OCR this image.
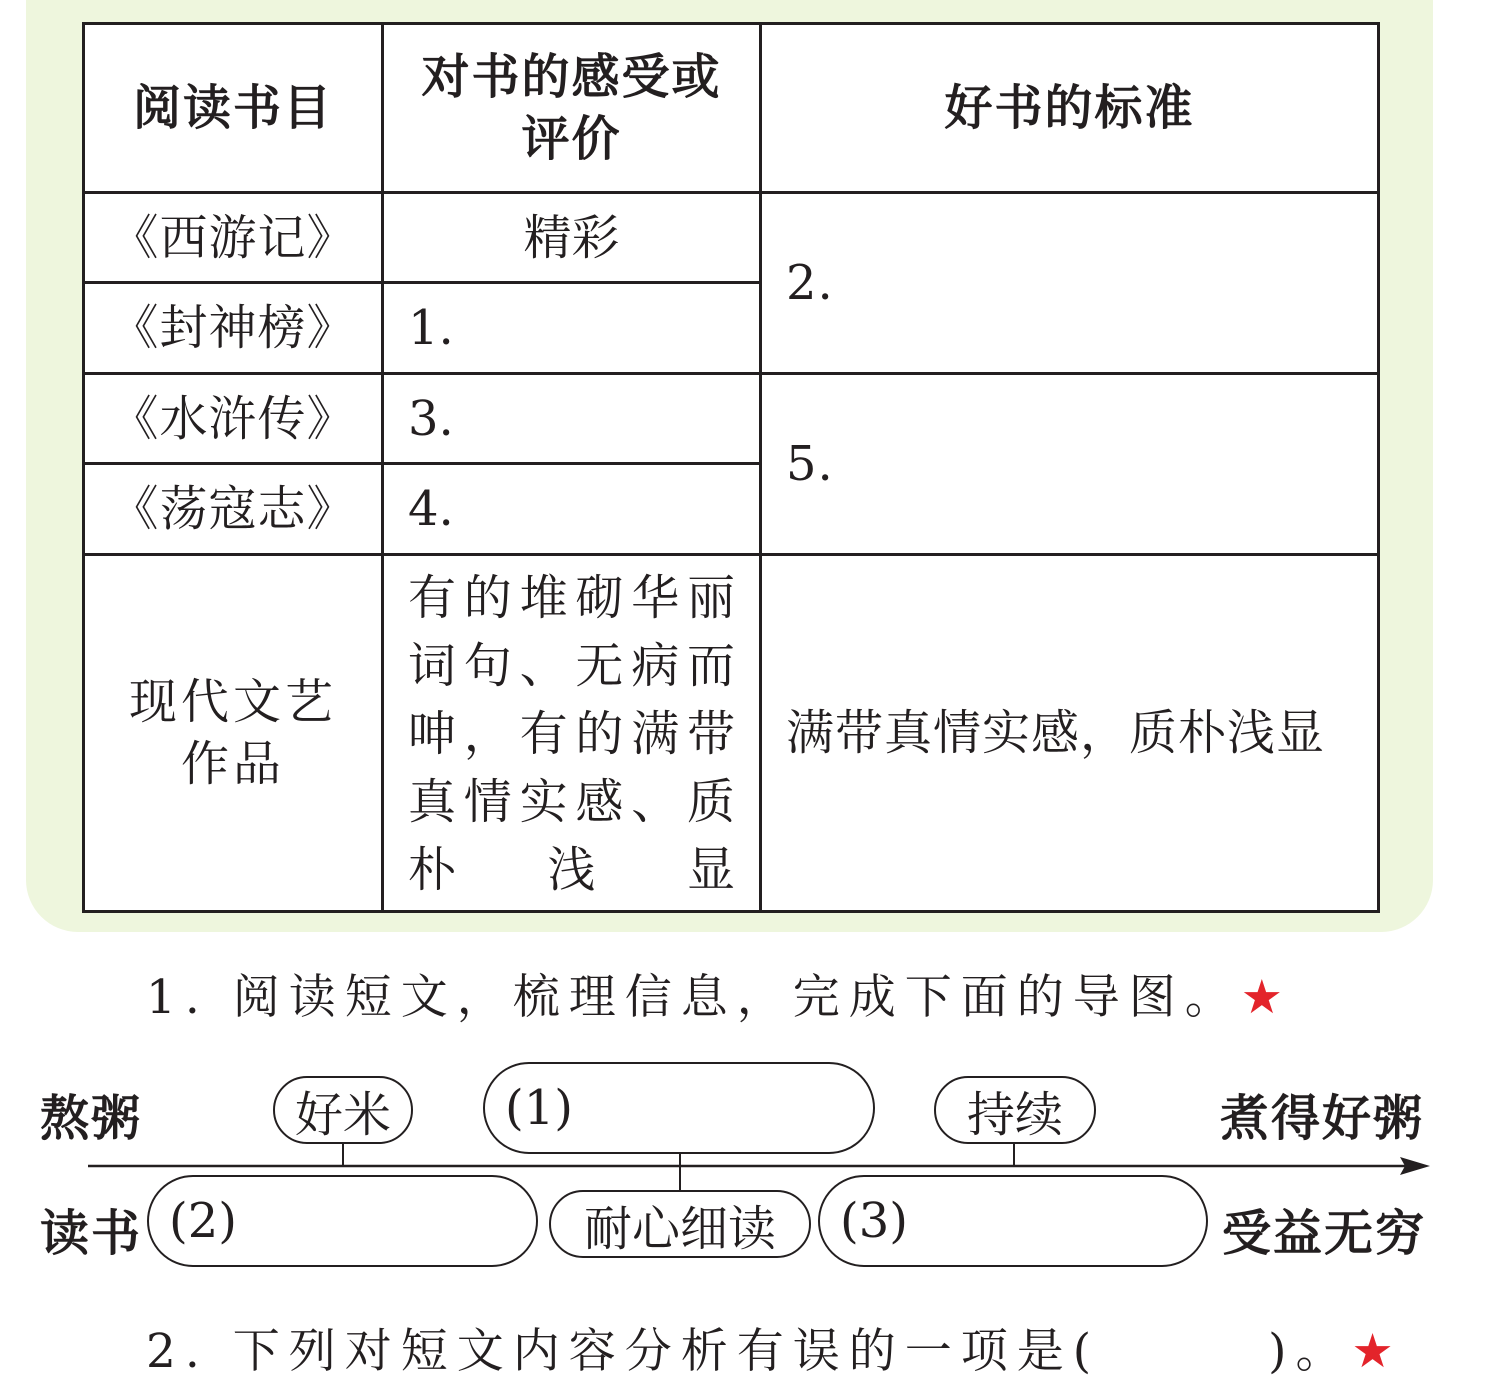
阅读书目	对书的感受或评价	好书的标准
《西游记》	精彩	2.
《封神榜》	1.	
《水浒传》	3.	5.
《荡寇志》	4.	
现代文艺作品	有的堆砌华丽词句、无病而呻，有的满带真情实感、质朴浅显	满带真情实感，质朴浅显
1. 阅读短文，梳理信息，完成下面的导图。★
熬粥	煮得好粥
读书	受益无穷
好米	(1)	持续
(2)	耐心细读	(3)
2. 下列对短文内容分析有误的一项是(　　　)。★
